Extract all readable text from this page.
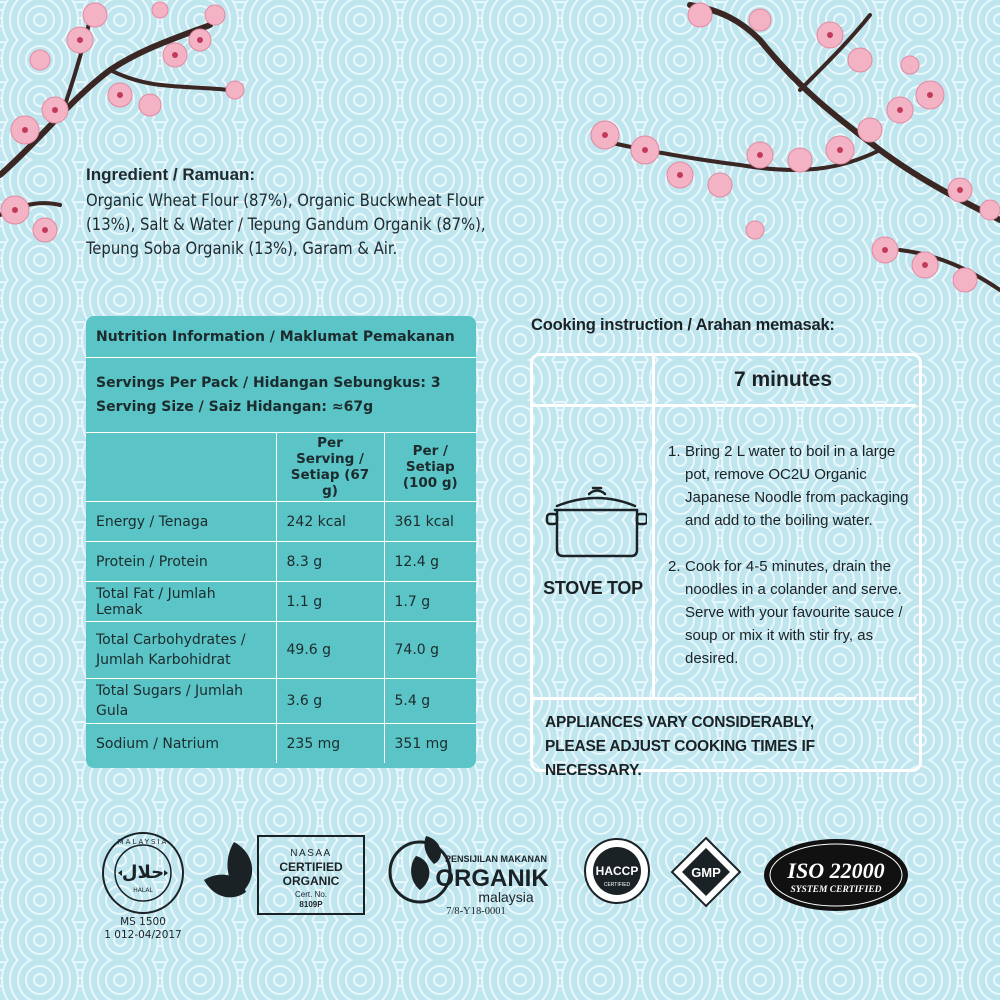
Ingredient / Ramuan:
Organic Wheat Flour (87%), Organic Buckwheat Flour (13%), Salt & Water / Tepung Gandum Organik (87%), Tepung Soba Organik (13%), Garam & Air.
Nutrition Information / Maklumat Pemakanan		

Servings Per Pack / Hidangan Sebungkus: 3
Serving Size / Saiz Hidangan: ≈67g		

	Per Serving / Setiap (67 g)	Per / Setiap (100 g)
Energy / Tenaga	242 kcal	361 kcal
Protein / Protein	8.3 g	12.4 g
Total Fat / Jumlah Lemak	1.1 g	1.7 g
Total Carbohydrates / Jumlah Karbohidrat	49.6 g	74.0 g
Total Sugars / Jumlah Gula	3.6 g	5.4 g
Sodium / Natrium	235 mg	351 mg
Cooking instruction / Arahan memasak:
7 minutes
STOVE TOP
1. Bring 2 L water to boil in a large pot, remove OC2U Organic Japanese Noodle from packaging and add to the boiling water.
2. Cook for 4-5 minutes, drain the noodles in a colander and serve. Serve with your favourite sauce / soup or mix it with stir fry, as desired.
APPLIANCES VARY CONSIDERABLY,
PLEASE ADJUST COOKING TIMES IF NECESSARY.
حلال
MALAYSIA
HALAL
MS 1500
1 012-04/2017
NASAA
CERTIFIED
ORGANIC
Cert. No.
8109P
PENSIJILAN MAKANAN
ORGANIK
malaysia
7/8-Y18-0001
HACCP
CERTIFIED
GMP	ISO 22000
SYSTEM CERTIFIED
